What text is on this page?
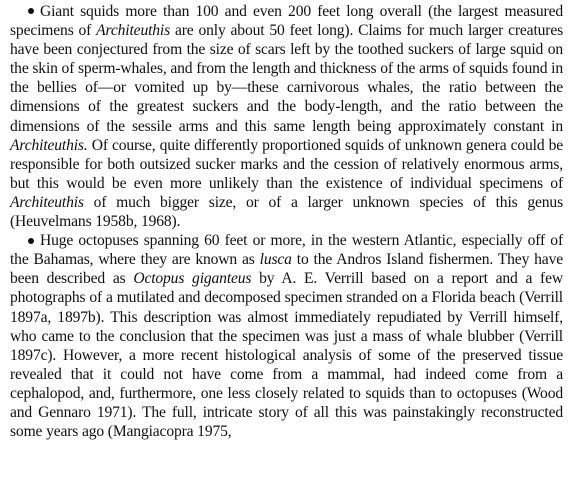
Giant squids more than 100 and even 200 feet long overall (the largest measured specimens of Architeuthis are only about 50 feet long). Claims for much larger creatures have been conjectured from the size of scars left by the toothed suckers of large squid on the skin of sperm-whales, and from the length and thickness of the arms of squids found in the bellies of—or vomited up by—these carnivorous whales, the ratio between the dimensions of the greatest suckers and the body-length, and the ratio between the dimensions of the sessile arms and this same length being approximately constant in Architeuthis. Of course, quite differently proportioned squids of unknown genera could be responsible for both outsized sucker marks and the cession of relatively enormous arms, but this would be even more unlikely than the existence of individual specimens of Architeuthis of much bigger size, or of a larger unknown species of this genus (Heuvelmans 1958b, 1968).

Huge octopuses spanning 60 feet or more, in the western Atlantic, especially off of the Bahamas, where they are known as lusca to the Andros Island fishermen. They have been described as Octopus giganteus by A. E. Verrill based on a report and a few photographs of a mutilated and decomposed specimen stranded on a Florida beach (Verrill 1897a, 1897b). This description was almost immediately repudiated by Verrill himself, who came to the conclusion that the specimen was just a mass of whale blubber (Verrill 1897c). However, a more recent histological analysis of some of the preserved tissue revealed that it could not have come from a mammal, had indeed come from a cephalopod, and, furthermore, one less closely related to squids than to octopuses (Wood and Gennaro 1971). The full, intricate story of all this was painstakingly reconstructed some years ago (Mangiacopra 1975,
